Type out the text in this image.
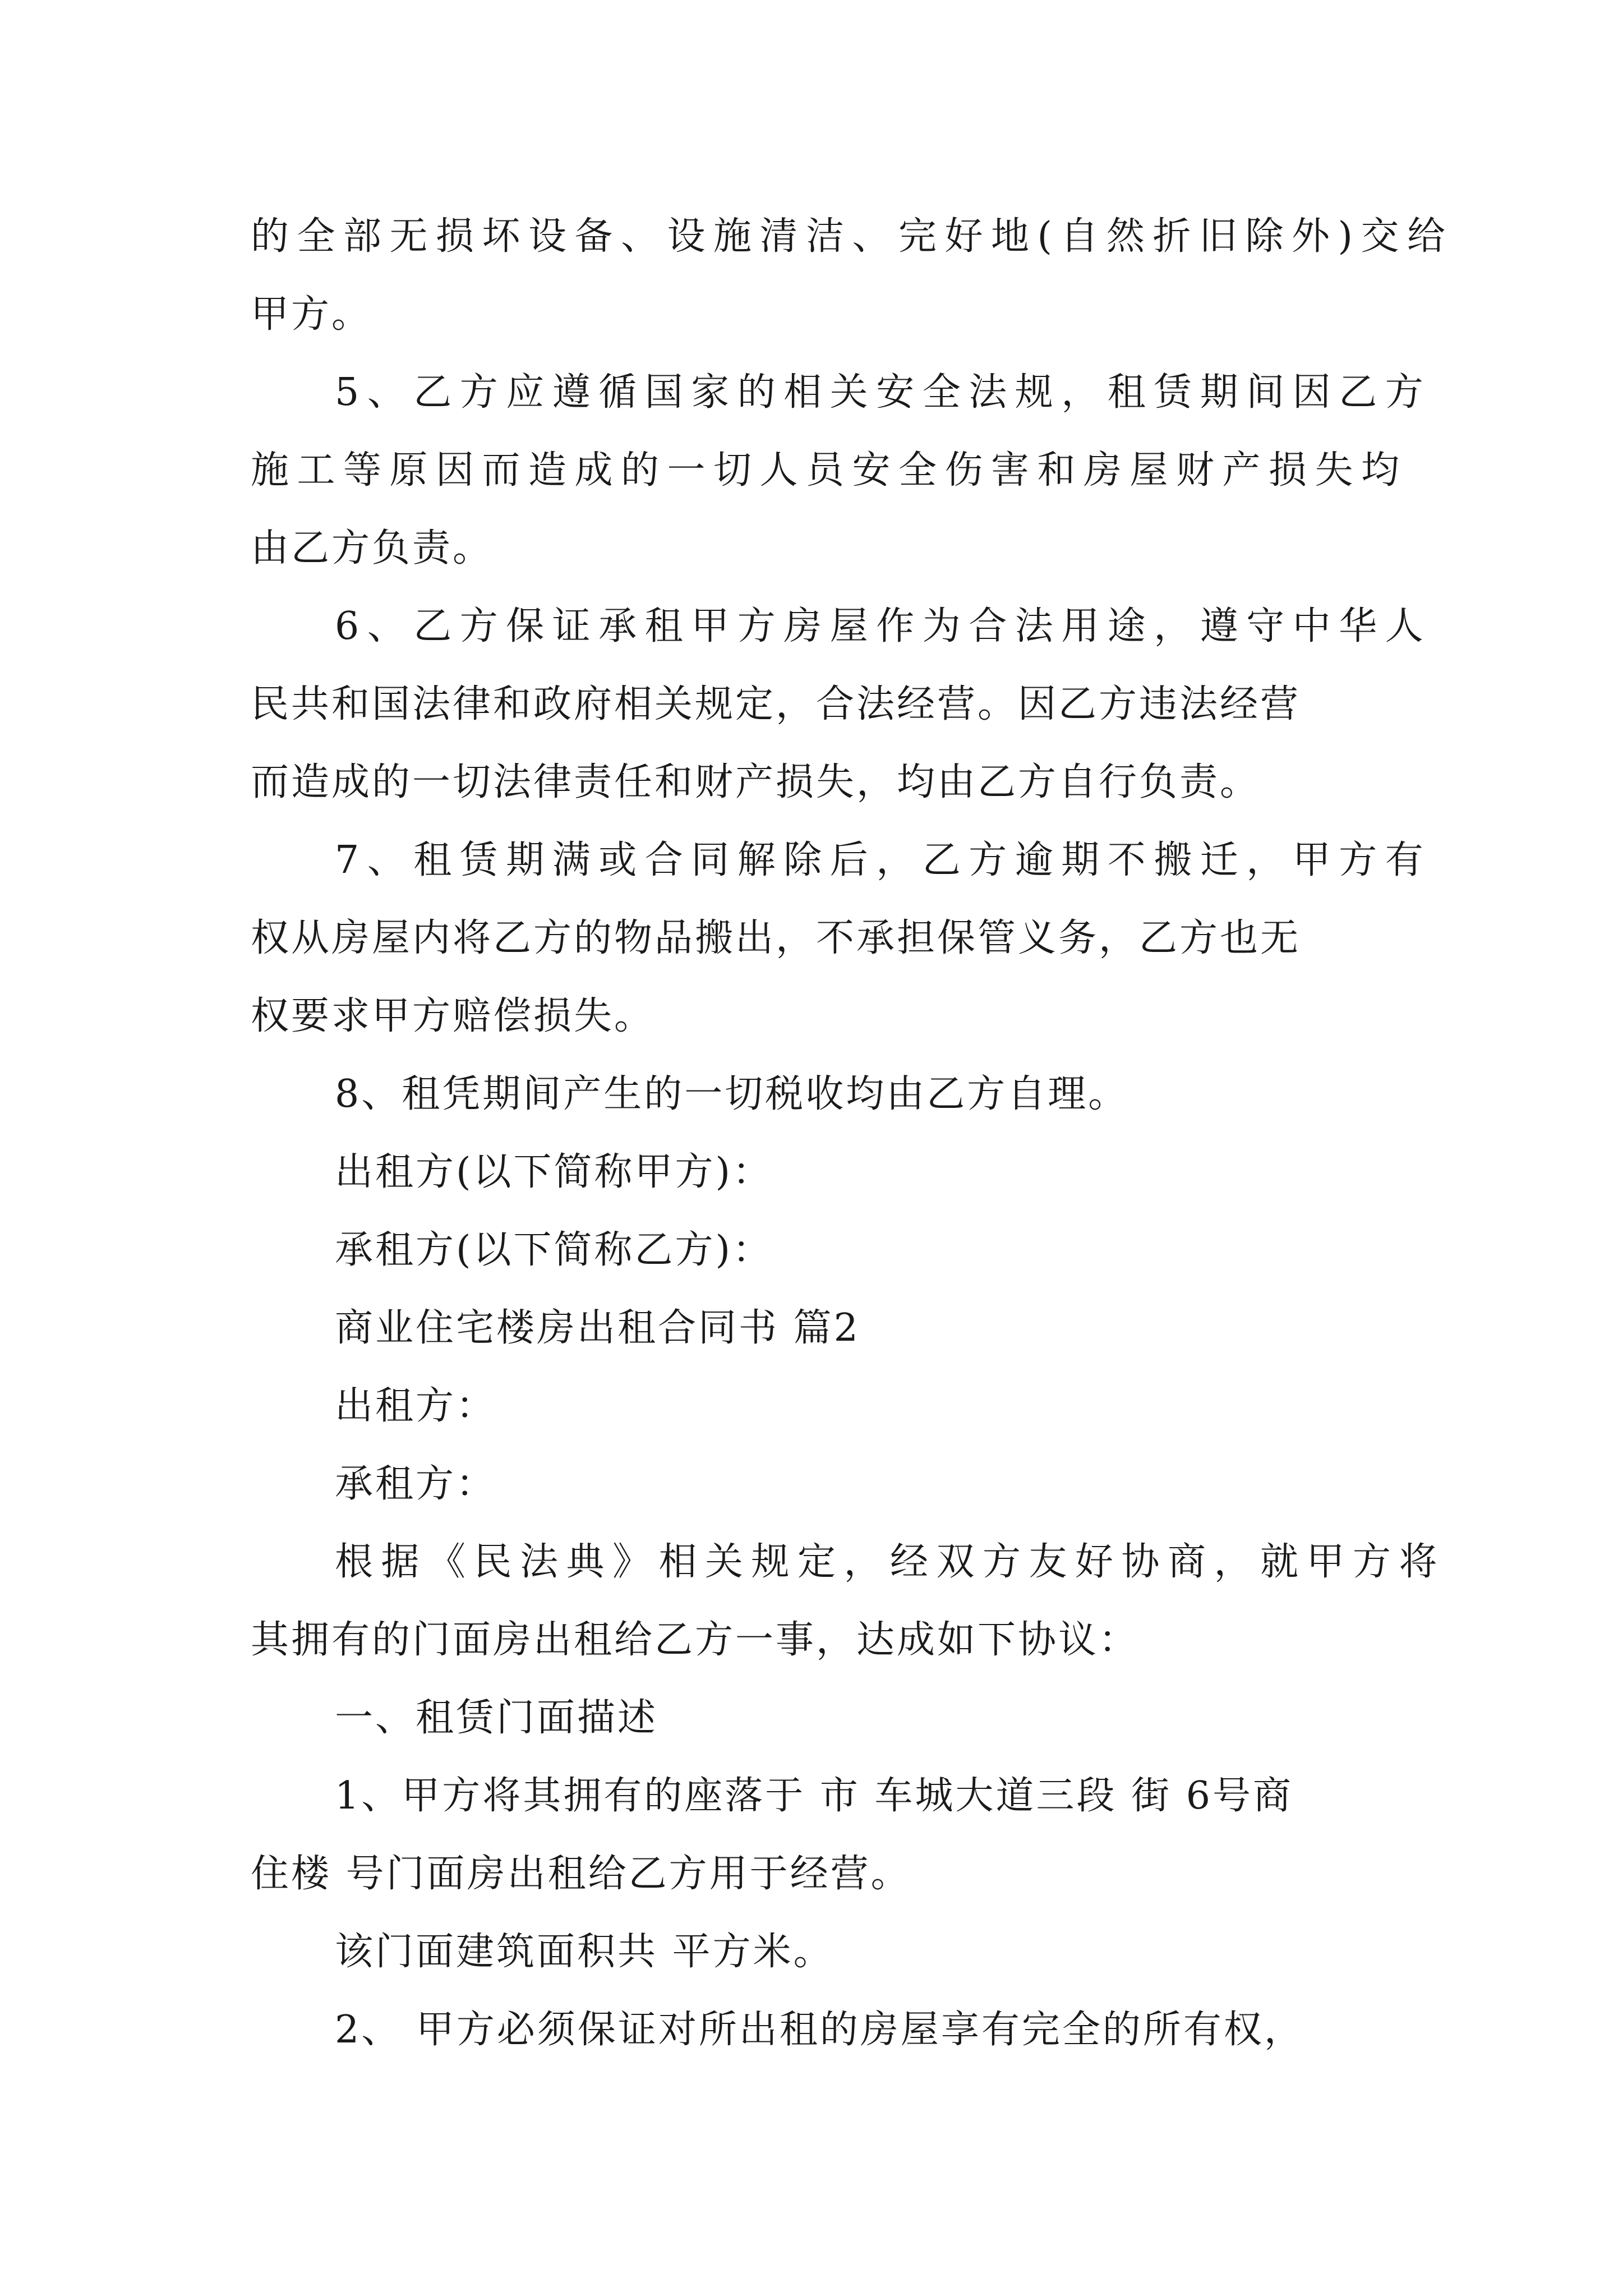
的全部无损坏设备、设施清洁、完好地(自然折旧除外)交给
甲方。
5、乙方应遵循国家的相关安全法规，租赁期间因乙方
施工等原因而造成的一切人员安全伤害和房屋财产损失均
由乙方负责。
6、乙方保证承租甲方房屋作为合法用途，遵守中华人
民共和国法律和政府相关规定，合法经营。因乙方违法经营
而造成的一切法律责任和财产损失，均由乙方自行负责。
7、租赁期满或合同解除后，乙方逾期不搬迁，甲方有
权从房屋内将乙方的物品搬出，不承担保管义务，乙方也无
权要求甲方赔偿损失。
8、租凭期间产生的一切税收均由乙方自理。
出租方(以下简称甲方)：
承租方(以下简称乙方)：
商业住宅楼房出租合同书 篇2
出租方：
承租方：
根据《民法典》相关规定，经双方友好协商，就甲方将
其拥有的门面房出租给乙方一事，达成如下协议：
一、租赁门面描述
1、甲方将其拥有的座落于 市 车城大道三段 街 6号商
住楼 号门面房出租给乙方用于经营。
该门面建筑面积共 平方米。
2、 甲方必须保证对所出租的房屋享有完全的所有权，
